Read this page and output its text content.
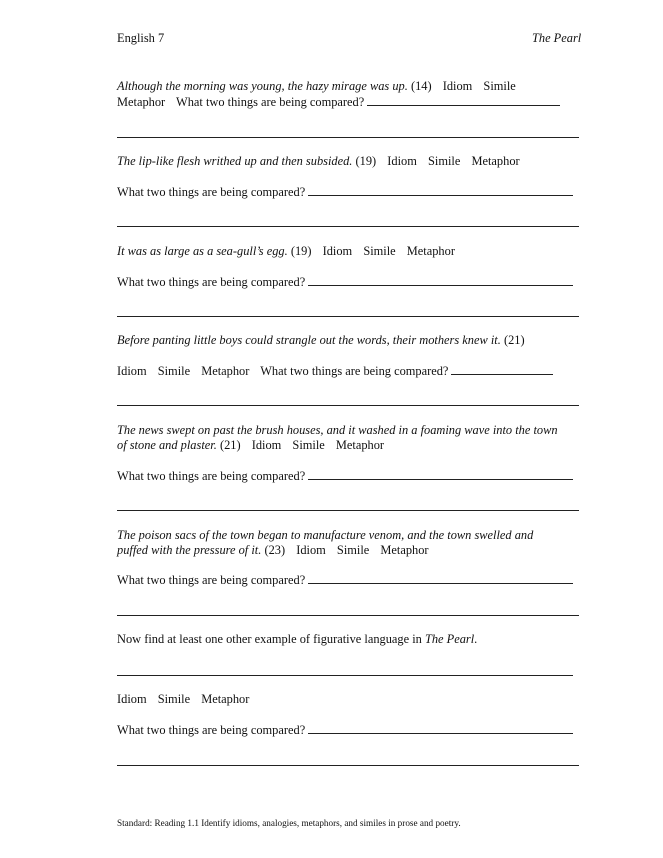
English 7	The Pearl
Although the morning was young, the hazy mirage was up. (14) Idiom Simile
Metaphor What two things are being compared?
The lip-like flesh writhed up and then subsided. (19) Idiom Simile Metaphor
What two things are being compared?
It was as large as a sea-gull’s egg. (19) Idiom Simile Metaphor
What two things are being compared?
Before panting little boys could strangle out the words, their mothers knew it. (21)
Idiom Simile Metaphor What two things are being compared?
The news swept on past the brush houses, and it washed in a foaming wave into the town
of stone and plaster. (21) Idiom Simile Metaphor
What two things are being compared?
The poison sacs of the town began to manufacture venom, and the town swelled and
puffed with the pressure of it. (23) Idiom Simile Metaphor
What two things are being compared?
Now find at least one other example of figurative language in The Pearl.
Idiom Simile Metaphor
What two things are being compared?
Standard: Reading 1.1 Identify idioms, analogies, metaphors, and similes in prose and poetry.
